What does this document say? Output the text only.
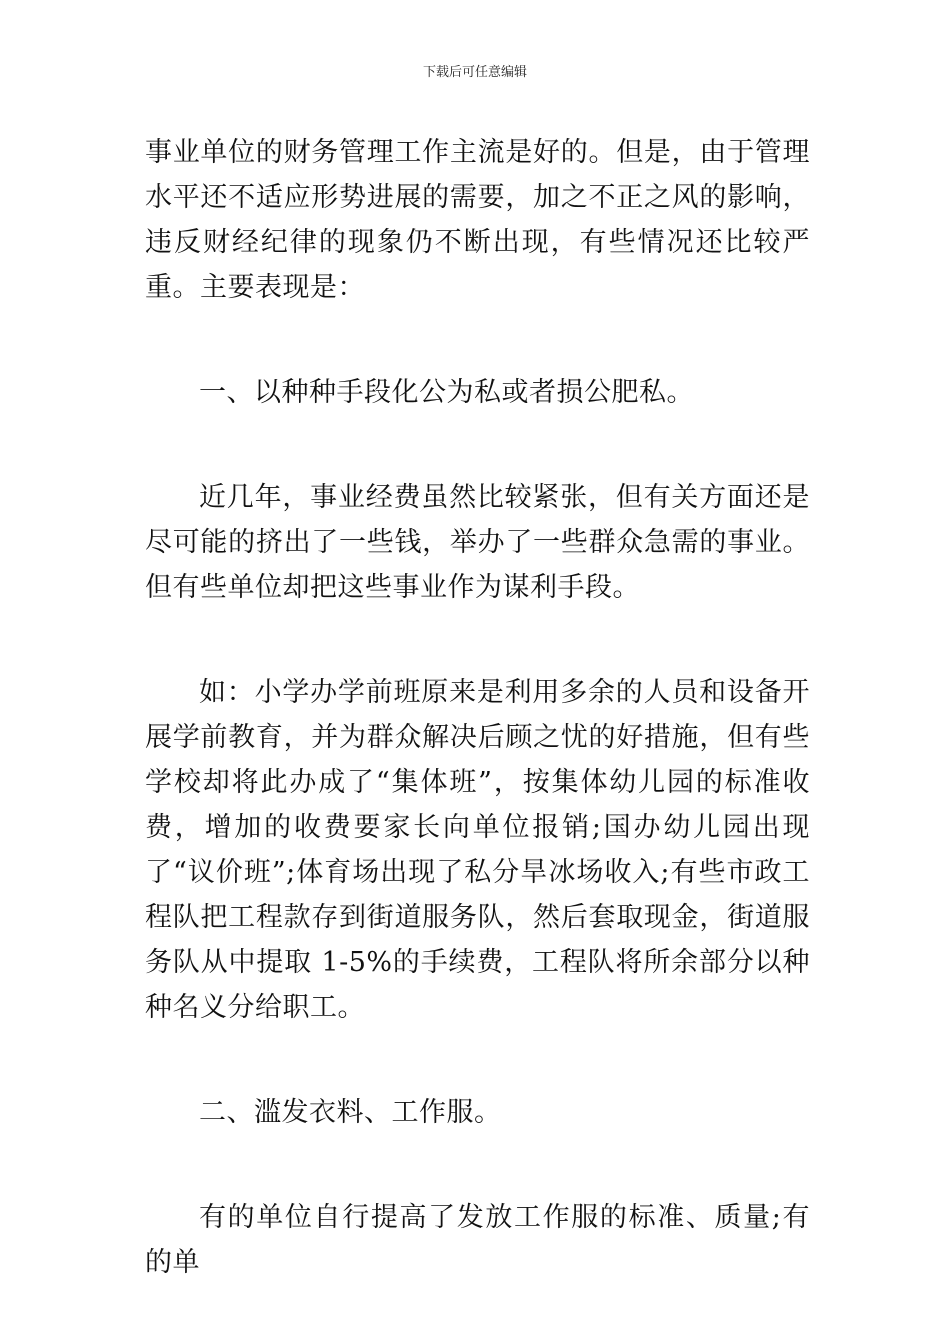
下载后可任意编辑

事业单位的财务管理工作主流是好的。但是，由于管理水平还不适应形势进展的需要，加之不正之风的影响，违反财经纪律的现象仍不断出现，有些情况还比较严重。主要表现是：

一、以种种手段化公为私或者损公肥私。

近几年，事业经费虽然比较紧张，但有关方面还是尽可能的挤出了一些钱，举办了一些群众急需的事业。但有些单位却把这些事业作为谋利手段。

如：小学办学前班原来是利用多余的人员和设备开展学前教育，并为群众解决后顾之忧的好措施，但有些学校却将此办成了“集体班”，按集体幼儿园的标准收费，增加的收费要家长向单位报销;国办幼儿园出现了“议价班”;体育场出现了私分旱冰场收入;有些市政工程队把工程款存到街道服务队，然后套取现金，街道服务队从中提取 1-5%的手续费，工程队将所余部分以种种名义分给职工。

二、滥发衣料、工作服。

有的单位自行提高了发放工作服的标准、质量;有的单
